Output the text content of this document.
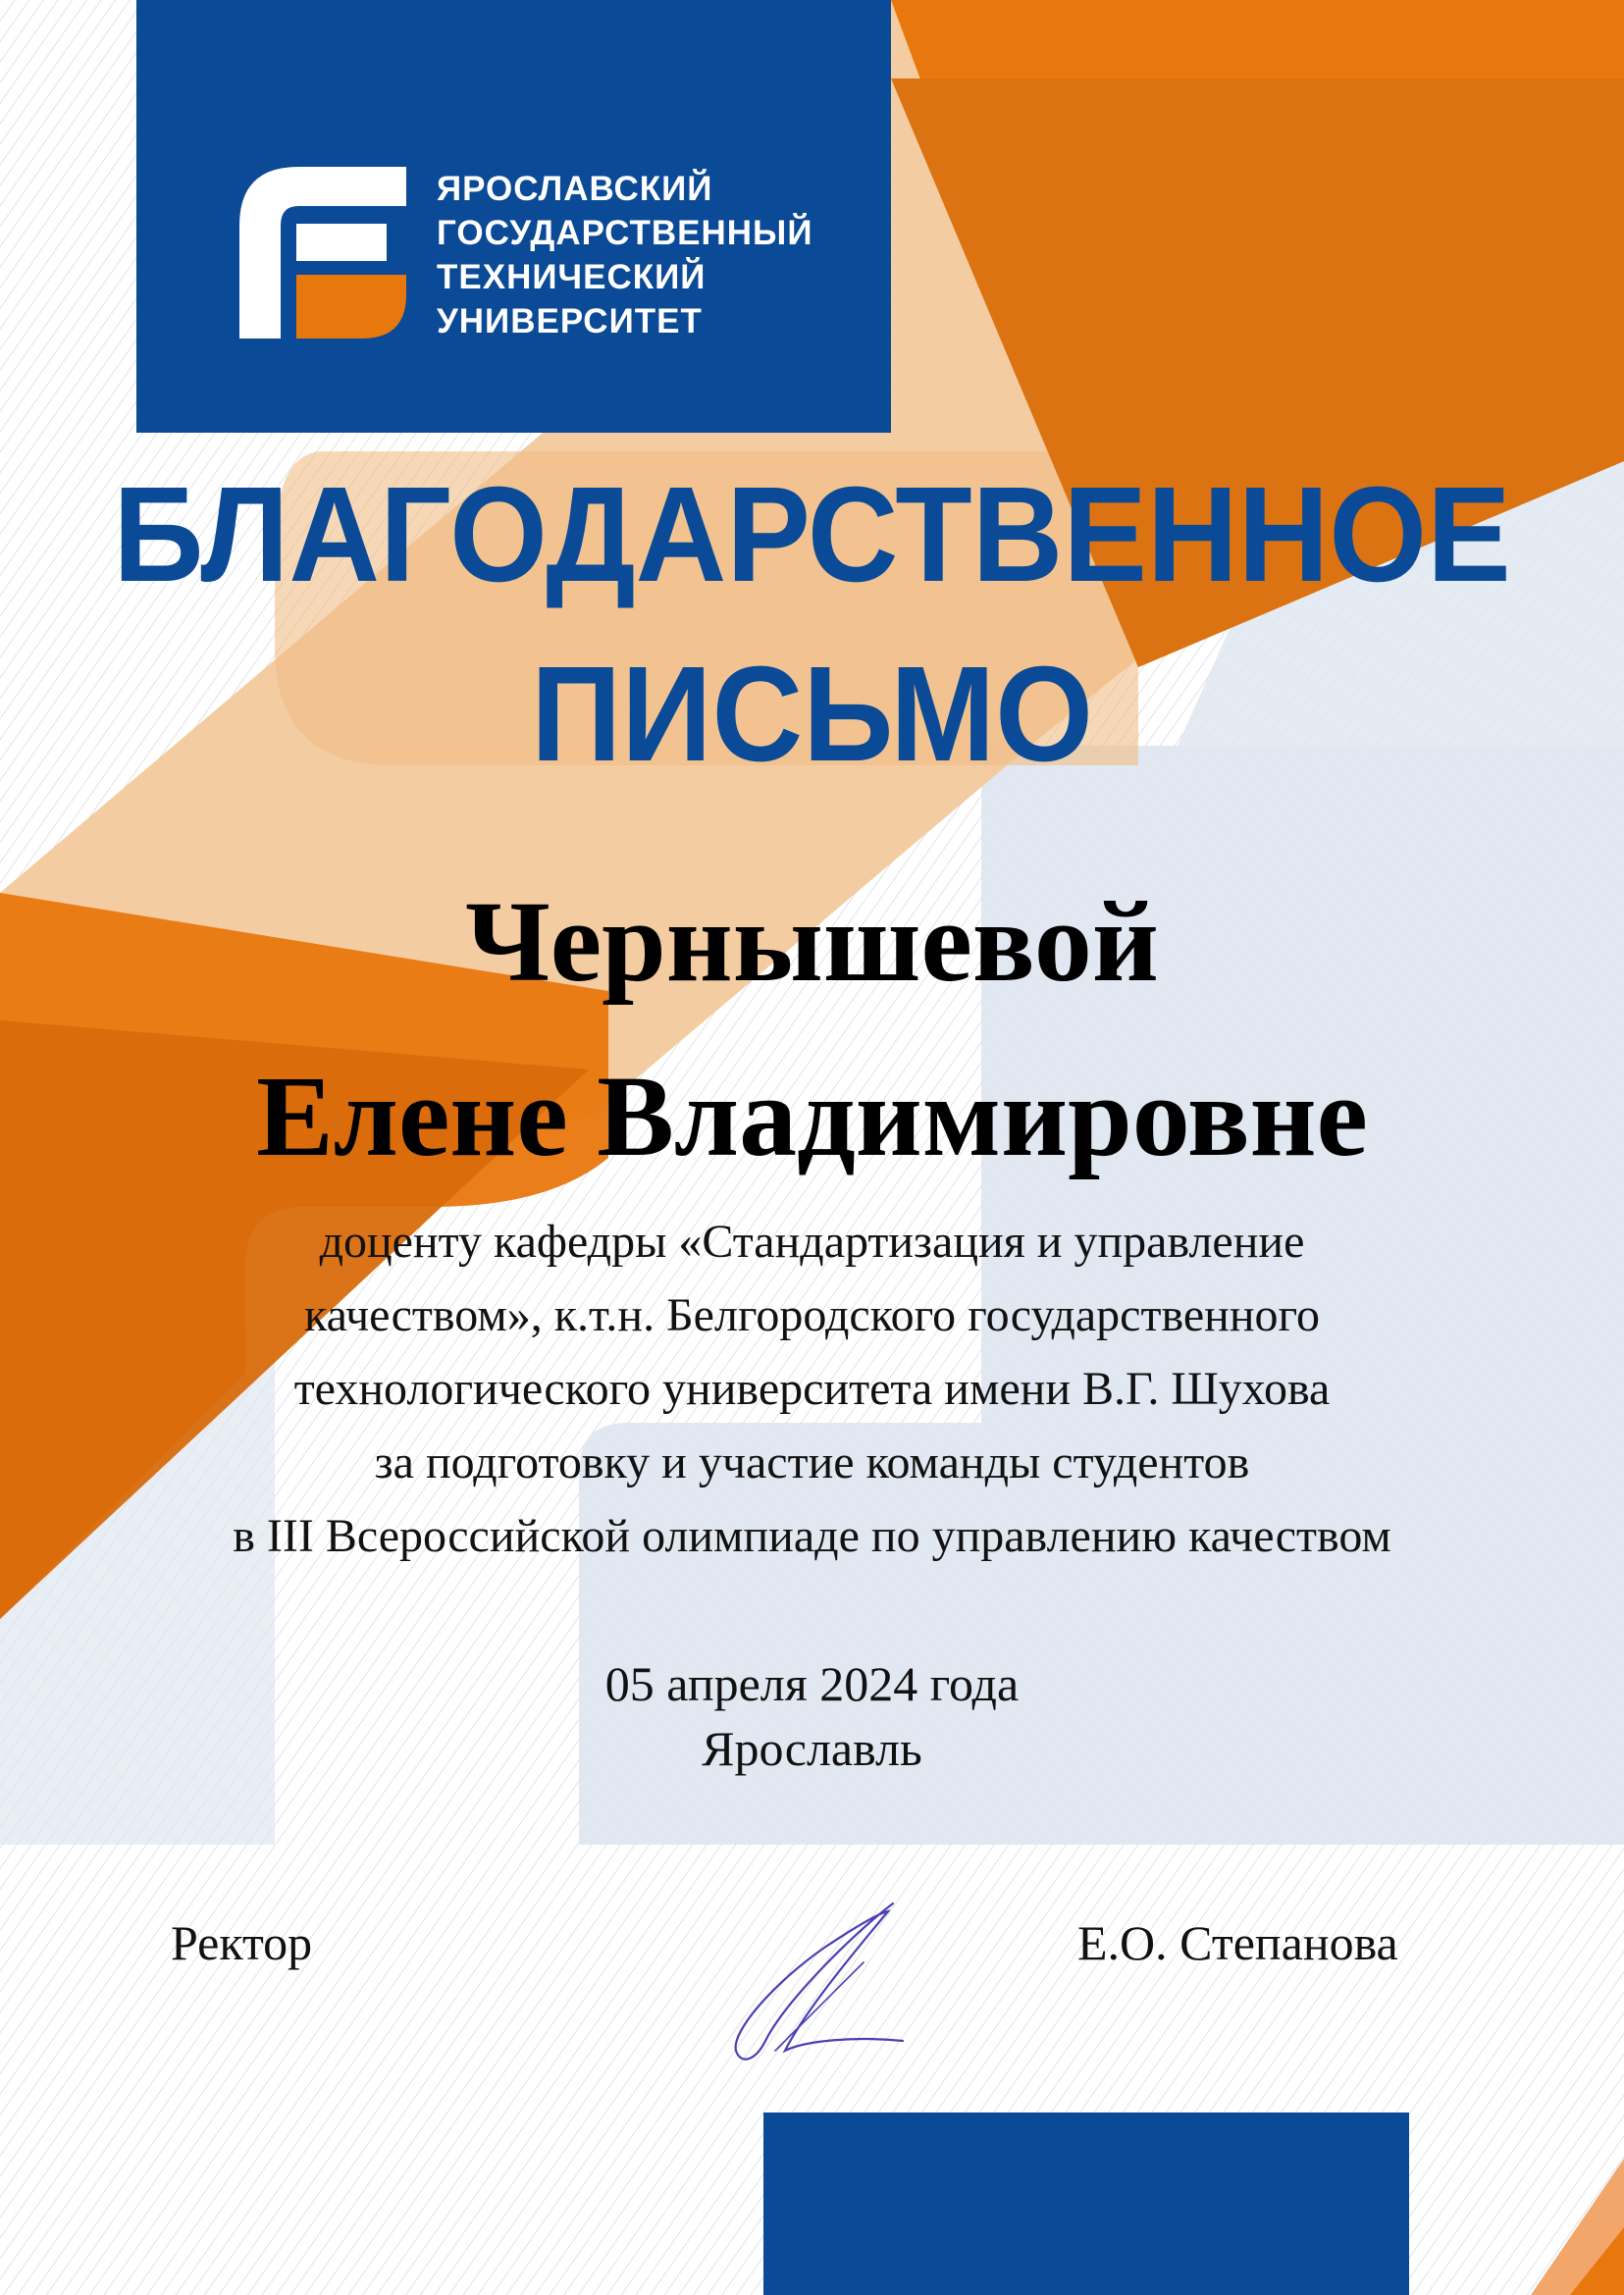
ЯРОСЛАВСКИЙ
ГОСУДАРСТВЕННЫЙ
ТЕХНИЧЕСКИЙ
УНИВЕРСИТЕТ
БЛАГОДАРСТВЕННОЕ
ПИСЬМО
Чернышевой
Елене Владимировне
доценту кафедры «Стандартизация и управление
качеством», к.т.н. Белгородского государственного
технологического университета имени В.Г. Шухова
за подготовку и участие команды студентов
в III Всероссийской олимпиаде по управлению качеством
05 апреля 2024 года
Ярославль
Ректор	Е.О. Степанова
